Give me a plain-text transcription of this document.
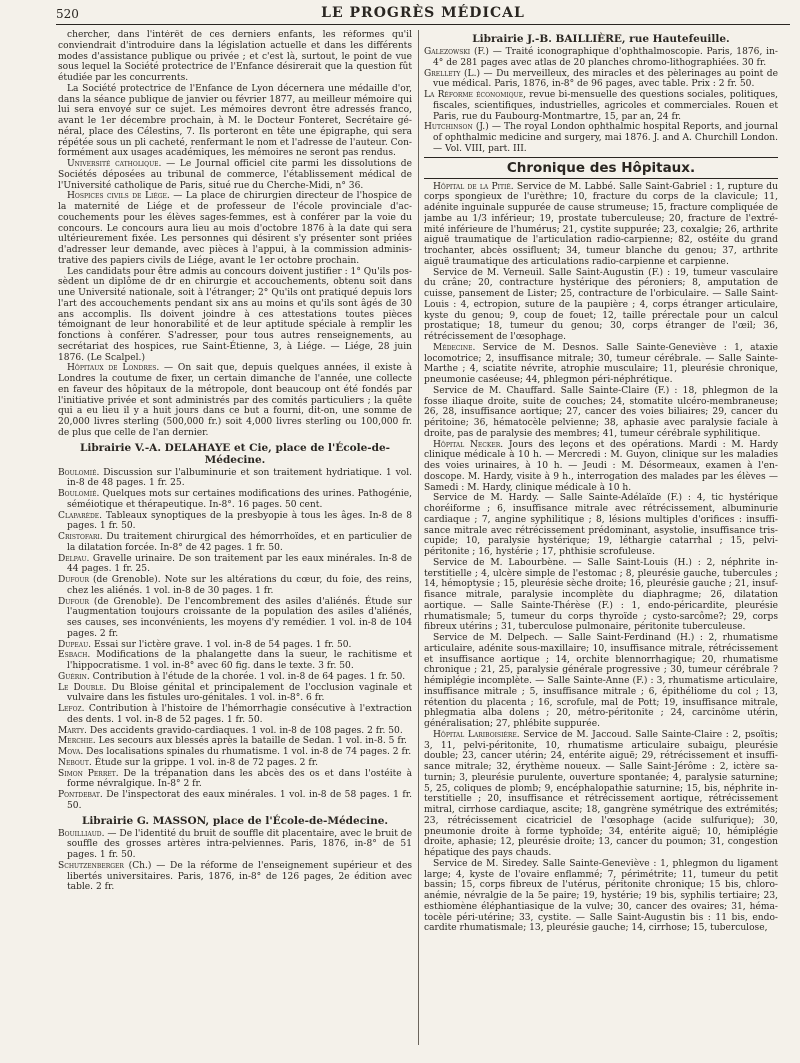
520	LE PROGRÈS MÉDICAL

chercher, dans l'intérêt de ces derniers enfants, les réformes qu'il conviendrait d'introduire dans la législation actuelle et dans les différents modes d'assistance publique ou privée ; et c'est là, surtout, le point de vue sous lequel la Société protectrice de l'Enfance désirerait que la question fût étudiée par les concurrents.

La Société protectrice de l'Enfance de Lyon décernera une médaille d'or, dans la séance publique de janvier ou février 1877, au meilleur mémoire qui lui sera envoyé sur ce sujet. Les mémoires devront être adressés franco, avant le 1er décembre prochain, à M. le Docteur Fonteret, Secrétaire général, place des Célestins, 7. Ils porteront en tête une épigraphe, qui sera répétée sous un pli cacheté, renfermant le nom et l'adresse de l'auteur. Conformément aux usages académiques, les mémoires ne seront pas rendus.

Université catholique. — Le Journal officiel cite parmi les dissolutions de Sociétés déposées au tribunal de commerce, l'établissement médical de l'Université catholique de Paris, situé rue du Cherche-Midi, n° 36.

Hospices civils de Liége. — La place de chirurgien directeur de l'hospice de la maternité de Liége et de professeur de l'école provinciale d'accouchements pour les élèves sages-femmes, est à conférer par la voie du concours. Le concours aura lieu au mois d'octobre 1876 à la date qui sera ultérieurement fixée. Les personnes qui désirent s'y présenter sont priées d'adresser leur demande, avec pièces à l'appui, à la commission administrative des papiers civils de Liége, avant le 1er octobre prochain.

Les candidats pour être admis au concours doivent justifier : 1° Qu'ils possèdent un diplôme de dr en chirurgie et accouchements, obtenu soit dans une Université nationale, soit à l'étranger; 2° Qu'ils ont pratiqué depuis lors l'art des accouchements pendant six ans au moins et qu'ils sont âgés de 30 ans accomplis. Ils doivent joindre à ces attestations toutes pièces témoignant de leur honorabilité et de leur aptitude spéciale à remplir les fonctions à conférer. S'adresser, pour tous autres renseignements, au secrétariat des hospices, rue Saint-Étienne, 3, à Liége. — Liége, 28 juin 1876. (Le Scalpel.)

Hôpitaux de Londres. — On sait que, depuis quelques années, il existe à Londres la coutume de fixer, un certain dimanche de l'année, une collecte en faveur des hôpitaux de la métropole, dont beaucoup ont été fondés par l'initiative privée et sont administrés par des comités particuliers ; la quête qui a eu lieu il y a huit jours dans ce but a fourni, dit-on, une somme de 20,000 livres sterling (500,000 fr.) soit 4,000 livres sterling ou 100,000 fr. de plus que celle de l'an dernier.

Librairie V.-A. DELAHAYE et Cie, place de l'École-de-Médecine.

Boulomié. Discussion sur l'albuminurie et son traitement hydriatique. 1 vol. in-8 de 48 pages. 1 fr. 25.

Boulomié. Quelques mots sur certaines modifications des urines. Pathogénie, séméiotique et thérapeutique. In-8°. 16 pages. 50 cent.

Claparède. Tableaux synoptiques de la presbyopie à tous les âges. In-8 de 8 pages. 1 fr. 50.

Cristofari. Du traitement chirurgical des hémorrhoïdes, et en particulier de la dilatation forcée. In-8° de 42 pages. 1 fr. 50.

Delpau. Gravelle urinaire. De son traitement par les eaux minérales. In-8 de 44 pages. 1 fr. 25.

Dufour (de Grenoble). Note sur les altérations du cœur, du foie, des reins, chez les aliénés. 1 vol. in-8 de 30 pages. 1 fr.

Dufour (de Grenoble). De l'encombrement des asiles d'aliénés. Étude sur l'augmentation toujours croissante de la population des asiles d'aliénés, ses causes, ses inconvénients, les moyens d'y remédier. 1 vol. in-8 de 104 pages. 2 fr.

Dupeau. Essai sur l'ictère grave. 1 vol. in-8 de 54 pages. 1 fr. 50.

Esbach. Modifications de la phalangette dans la sueur, le rachitisme et l'hippocratisme. 1 vol. in-8° avec 60 fig. dans le texte. 3 fr. 50.

Guérin. Contribution à l'étude de la chorée. 1 vol. in-8 de 64 pages. 1 fr. 50.

Le Double. Du Bloise génital et principalement de l'occlusion vaginale et vulvaire dans les fistules uro-génitales. 1 vol. in-8°. 6 fr.

Lefoz. Contribution à l'histoire de l'hémorrhagie consécutive à l'extraction des dents. 1 vol. in-8 de 52 pages. 1 fr. 50.

Marty. Des accidents gravido-cardiaques. 1 vol. in-8 de 108 pages. 2 fr. 50.

Merchie. Les secours aux blessés après la bataille de Sedan. 1 vol. in-8. 5 fr.

Mova. Des localisations spinales du rhumatisme. 1 vol. in-8 de 74 pages. 2 fr.

Nebout. Étude sur la grippe. 1 vol. in-8 de 72 pages. 2 fr.

Simon Perret. De la trépanation dans les abcès des os et dans l'ostéite à forme névralgique. In-8° 2 fr.

Pontdebat. De l'inspectorat des eaux minérales. 1 vol. in-8 de 58 pages. 1 fr. 50.

Librairie G. MASSON, place de l'École-de-Médecine.

Bouilliaud. — De l'identité du bruit de souffle dit placentaire, avec le bruit de souffle des grosses artères intra-pelviennes. Paris, 1876, in-8° de 51 pages. 1 fr. 50.

Schutzenberger (Ch.) — De la réforme de l'enseignement supérieur et des libertés universitaires. Paris, 1876, in-8° de 126 pages, 2e édition avec table. 2 fr.

Librairie J.-B. BAILLIÈRE, rue Hautefeuille.

Galezowski (F.) — Traité iconographique d'ophthalmoscopie. Paris, 1876, in-4° de 281 pages avec atlas de 20 planches chromo-lithographiées. 30 fr.

Grellety (L.) — Du merveilleux, des miracles et des pèlerinages au point de vue médical. Paris, 1876, in-8° de 96 pages, avec table. Prix : 2 fr. 50.

La Réforme économique, revue bi-mensuelle des questions sociales, politiques, fiscales, scientifiques, industrielles, agricoles et commerciales. Rouen et Paris, rue du Faubourg-Montmartre, 15, par an, 24 fr.

Hutchinson (J.) — The royal London ophthalmic hospital Reports, and journal of ophthalmic medicine and surgery, mai 1876. J. and A. Churchill London. — Vol. VIII, part. III.

Chronique des Hôpitaux.

Hôpital de la Pitié. Service de M. Labbé. Salle Saint-Gabriel : 1, rupture du corps spongieux de l'urèthre; 10, fracture du corps de la clavicule; 11, adénite inguinale suppurée de cause strumeuse; 15, fracture compliquée de jambe au 1/3 inférieur; 19, prostate tuberculeuse; 20, fracture de l'extrémité inférieure de l'humérus; 21, cystite suppurée; 23, coxalgie; 26, arthrite aiguë traumatique de l'articulation radio-carpienne; 82, ostéite du grand trochanter, abcès ossifluent; 34, tumeur blanche du genou; 37, arthrite aiguë traumatique des articulations radio-carpienne et carpienne.

Service de M. Verneuil. Salle Saint-Augustin (F.) : 19, tumeur vasculaire du crâne; 20, contracture hystérique des péroniers; 8, amputation de cuisse, pansement de Lister; 25, contracture de l'orbiculaire. — Salle Saint-Louis : 4, ectropion, suture de la paupière ; 4, corps étranger articulaire, kyste du genou; 9, coup de fouet; 12, taille prérectale pour un calcul prostatique; 18, tumeur du genou; 30, corps étranger de l'œil; 36, rétrécissement de l'œsophage.

Médecine. Service de M. Desnos. Salle Sainte-Geneviève : 1, ataxie locomotrice; 2, insuffisance mitrale; 30, tumeur cérébrale. — Salle Sainte-Marthe ; 4, sciatite névrite, atrophie musculaire; 11, pleurésie chronique, pneumonie caséeuse; 44, phlegmon péri-néphrétique.

Service de M. Chauffard. Salle Sainte-Claire (F.) : 18, phlegmon de la fosse iliaque droite, suite de couches; 24, stomatite ulcéro-membraneuse; 26, 28, insuffisance aortique; 27, cancer des voies biliaires; 29, cancer du péritoine; 36, hématocèle pelvienne; 38, aphasie avec paralysie faciale à droite, pas de paralysie des membres; 41, tumeur cérébrale syphilitique.

Hôpital Necker. Jours des leçons et des opérations. Mardi : M. Hardy clinique médicale à 10 h. — Mercredi : M. Guyon, clinique sur les maladies des voies urinaires, à 10 h. — Jeudi : M. Désormeaux, examen à l'endoscope. M. Hardy, visite à 9 h., interrogation des malades par les élèves — Samedi : M. Hardy, clinique médicale à 10 h.

Service de M. Hardy. — Salle Sainte-Adélaïde (F.) : 4, tic hystérique choréiforme ; 6, insuffisance mitrale avec rétrécissement, albuminurie cardiaque ; 7, angine syphilitique ; 8, lésions multiples d'orifices : insuffisance mitrale avec rétrécissement prédominant, asystolie, insuffisance triscupide; 10, paralysie hystérique; 19, léthargie catarrhal ; 15, pelvi-péritonite ; 16, hystérie ; 17, phthisie scrofuleuse.

Service de M. Labourbène. — Salle Saint-Louis (H.) : 2, néphrite interstitielle ; 4, ulcère simple de l'estomac ; 8, pleurésie gauche, tubercules ; 14, hémoptysie ; 15, pleurésie sèche droite; 16, pleurésie gauche ; 21, insuffisance mitrale, paralysie incomplète du diaphragme; 26, dilatation aortique. — Salle Sainte-Thérèse (F.) : 1, endo-péricardite, pleurésie rhumatismale; 5, tumeur du corps thyroïde ; cysto-sarcôme?; 29, corps fibreux utérins ; 31, tuberculose pulmonaire, péritonite tuberculeuse.

Service de M. Delpech. — Salle Saint-Ferdinand (H.) : 2, rhumatisme articulaire, adénite sous-maxillaire; 10, insuffisance mitrale, rétrécissement et insuffisance aortique ; 14, orchite blennorrhagique; 20, rhumatisme chronique ; 21, 25, paralysie générale progressive ; 30, tumeur cérébrale ? hémiplégie incomplète. — Salle Sainte-Anne (F.) : 3, rhumatisme articulaire, insuffisance mitrale ; 5, insuffisance mitrale ; 6, épithéliome du col ; 13, rétention du placenta ; 16, scrofule, mal de Pott; 19, insuffisance mitrale, phlegmatia alba dolens ; 20, métro-péritonite ; 24, carcinôme utérin, généralisation; 27, phlébite suppurée.

Hôpital Lariboisière. Service de M. Jaccoud. Salle Sainte-Claire : 2, psoïtis; 3, 11, pelvi-péritonite, 10, rhumatisme articulaire subaigu, pleurésie double; 23, cancer utérin; 24, entérite aiguë; 29, rétrécissement et insuffisance mitrale; 32, érythème noueux. — Salle Saint-Jérôme : 2, ictère saturnin; 3, pleurésie purulente, ouverture spontanée; 4, paralysie saturnine; 5, 25, coliques de plomb; 9, encéphalopathie saturnine; 15, bis, néphrite interstitielle ; 20, insuffisance et rétrécissement aortique, rétrécissement mitral, cirrhose cardiaque, ascite; 18, gangrène symétrique des extrémités; 23, rétrécissement cicatriciel de l'œsophage (acide sulfurique); 30, pneumonie droite à forme typhoïde; 34, entérite aiguë; 10, hémiplégie droite, aphasie; 12, pleurésie droite; 13, cancer du poumon; 31, congestion hépatique des pays chauds.

Service de M. Siredey. Salle Sainte-Geneviève : 1, phlegmon du ligament large; 4, kyste de l'ovaire enflammé; 7, périmétrite; 11, tumeur du petit bassin; 15, corps fibreux de l'utérus, péritonite chronique; 15 bis, chloro-anémie, névralgie de la 5e paire; 19, hystérie; 19 bis, syphilis tertiaire; 23, esthiomène éléphantiasique de la vulve; 30, cancer des ovaires; 31, hématocèle péri-utérine; 33, cystite. — Salle Saint-Augustin bis : 11 bis, endocardite rhumatismale; 13, pleurésie gauche; 14, cirrhose; 15, tuberculose,
